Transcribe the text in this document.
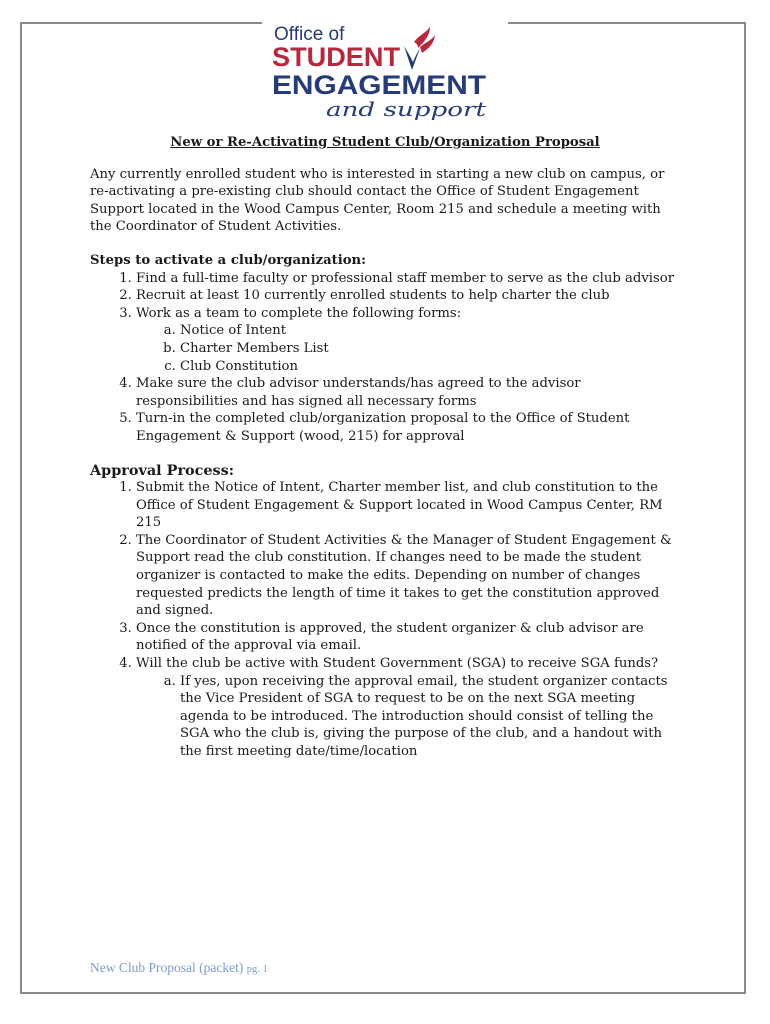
Office of
STUDENT
ENGAGEMENT
and support

New or Re-Activating Student Club/Organization Proposal

Any currently enrolled student who is interested in starting a new club on campus, or re-activating a pre-existing club should contact the Office of Student Engagement Support located in the Wood Campus Center, Room 215 and schedule a meeting with the Coordinator of Student Activities.

Steps to activate a club/organization:

1. Find a full-time faculty or professional staff member to serve as the club advisor
2. Recruit at least 10 currently enrolled students to help charter the club
3. Work as a team to complete the following forms:
a. Notice of Intent
b. Charter Members List
c. Club Constitution
4. Make sure the club advisor understands/has agreed to the advisor responsibilities and has signed all necessary forms
5. Turn-in the completed club/organization proposal to the Office of Student Engagement & Support (wood, 215) for approval

Approval Process:

1. Submit the Notice of Intent, Charter member list, and club constitution to the Office of Student Engagement & Support located in Wood Campus Center, RM 215
2. The Coordinator of Student Activities & the Manager of Student Engagement & Support read the club constitution. If changes need to be made the student organizer is contacted to make the edits. Depending on number of changes requested predicts the length of time it takes to get the constitution approved and signed.
3. Once the constitution is approved, the student organizer & club advisor are notified of the approval via email.
4. Will the club be active with Student Government (SGA) to receive SGA funds?
a. If yes, upon receiving the approval email, the student organizer contacts the Vice President of SGA to request to be on the next SGA meeting agenda to be introduced. The introduction should consist of telling the SGA who the club is, giving the purpose of the club, and a handout with the first meeting date/time/location
New Club Proposal (packet) pg. 1
